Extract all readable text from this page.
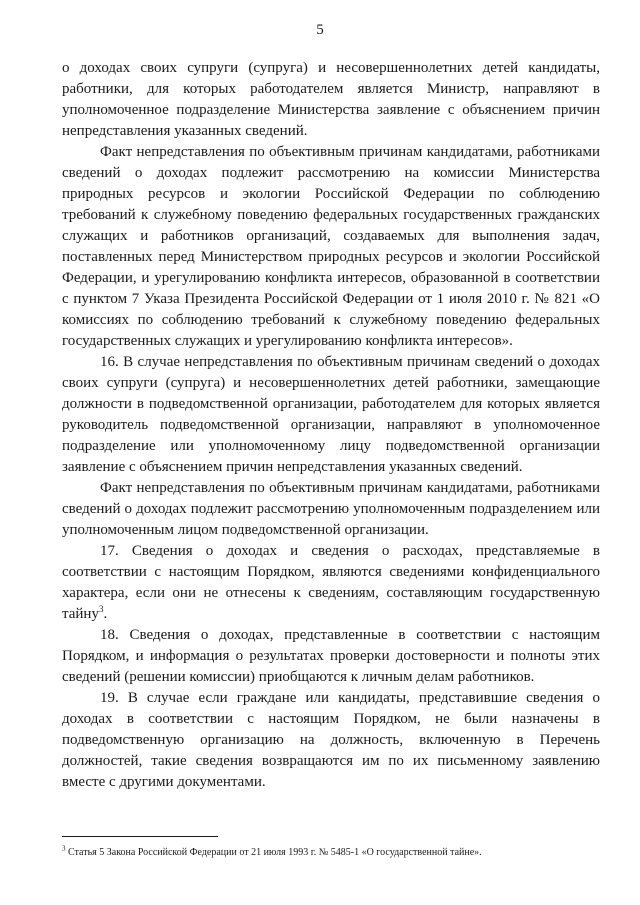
5

о доходах своих супруги (супруга) и несовершеннолетних детей кандидаты, работники, для которых работодателем является Министр, направляют в уполномоченное подразделение Министерства заявление с объяснением причин непредставления указанных сведений.

Факт непредставления по объективным причинам кандидатами, работниками сведений о доходах подлежит рассмотрению на комиссии Министерства природных ресурсов и экологии Российской Федерации по соблюдению требований к служебному поведению федеральных государственных гражданских служащих и работников организаций, создаваемых для выполнения задач, поставленных перед Министерством природных ресурсов и экологии Российской Федерации, и урегулированию конфликта интересов, образованной в соответствии с пунктом 7 Указа Президента Российской Федерации от 1 июля 2010 г. № 821 «О комиссиях по соблюдению требований к служебному поведению федеральных государственных служащих и урегулированию конфликта интересов».

16. В случае непредставления по объективным причинам сведений о доходах своих супруги (супруга) и несовершеннолетних детей работники, замещающие должности в подведомственной организации, работодателем для которых является руководитель подведомственной организации, направляют в уполномоченное подразделение или уполномоченному лицу подведомственной организации заявление с объяснением причин непредставления указанных сведений.

Факт непредставления по объективным причинам кандидатами, работниками сведений о доходах подлежит рассмотрению уполномоченным подразделением или уполномоченным лицом подведомственной организации.

17. Сведения о доходах и сведения о расходах, представляемые в соответствии с настоящим Порядком, являются сведениями конфиденциального характера, если они не отнесены к сведениям, составляющим государственную тайну$^3$.

18. Сведения о доходах, представленные в соответствии с настоящим Порядком, и информация о результатах проверки достоверности и полноты этих сведений (решении комиссии) приобщаются к личным делам работников.

19. В случае если граждане или кандидаты, представившие сведения о доходах в соответствии с настоящим Порядком, не были назначены в подведомственную организацию на должность, включенную в Перечень должностей, такие сведения возвращаются им по их письменному заявлению вместе с другими документами.

$^3$ Статья 5 Закона Российской Федерации от 21 июля 1993 г. № 5485-1 «О государственной тайне».
